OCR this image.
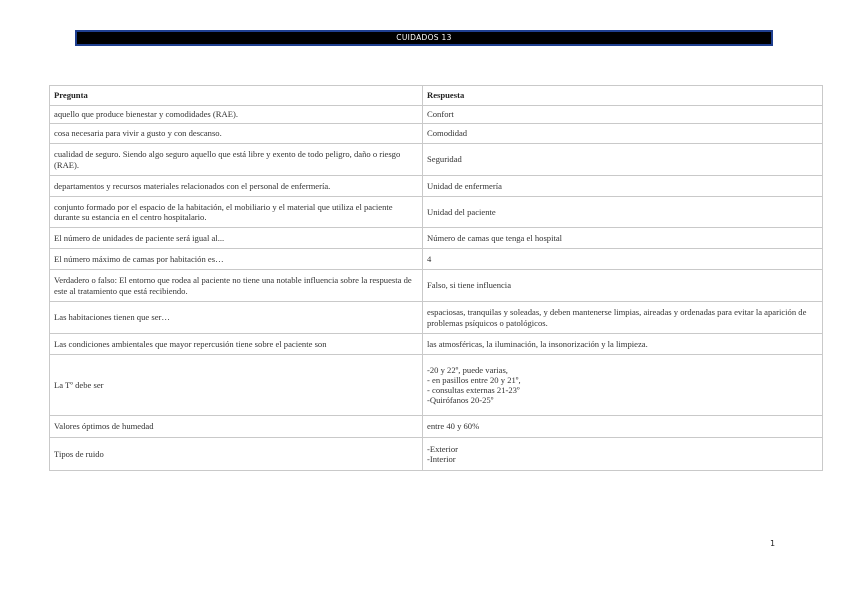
CUIDADOS 13
Pregunta	Respuesta
aquello que produce bienestar y comodidades (RAE).	Confort
cosa necesaria para vivir a gusto y con descanso.	Comodidad
cualidad de seguro. Siendo algo seguro aquello que está libre y exento de todo peligro, daño o riesgo (RAE).	Seguridad
departamentos y recursos materiales relacionados con el personal de enfermería.	Unidad de enfermería
conjunto formado por el espacio de la habitación, el mobiliario y el material que utiliza el paciente durante su estancia en el centro hospitalario.	Unidad del paciente
El número de unidades de paciente será igual al...	Número de camas que tenga el hospital
El número máximo de camas por habitación es…	4
Verdadero o falso: El entorno que rodea al paciente no tiene una notable influencia sobre la respuesta de este al tratamiento que está recibiendo.	Falso, si tiene influencia
Las habitaciones tienen que ser…	espaciosas, tranquilas y soleadas, y deben mantenerse limpias, aireadas y ordenadas para evitar la aparición de problemas psíquicos o patológicos.
Las condiciones ambientales que mayor repercusión tiene sobre el paciente son	las atmosféricas, la iluminación, la insonorización y la limpieza.
La Tº debe ser	-20 y 22º, puede varias,
- en pasillos entre 20 y 21º,
- consultas externas 21-23º
-Quirófanos 20-25º

Valores óptimos de humedad	entre 40 y 60%
Tipos de ruido	-Exterior
-Interior
1
